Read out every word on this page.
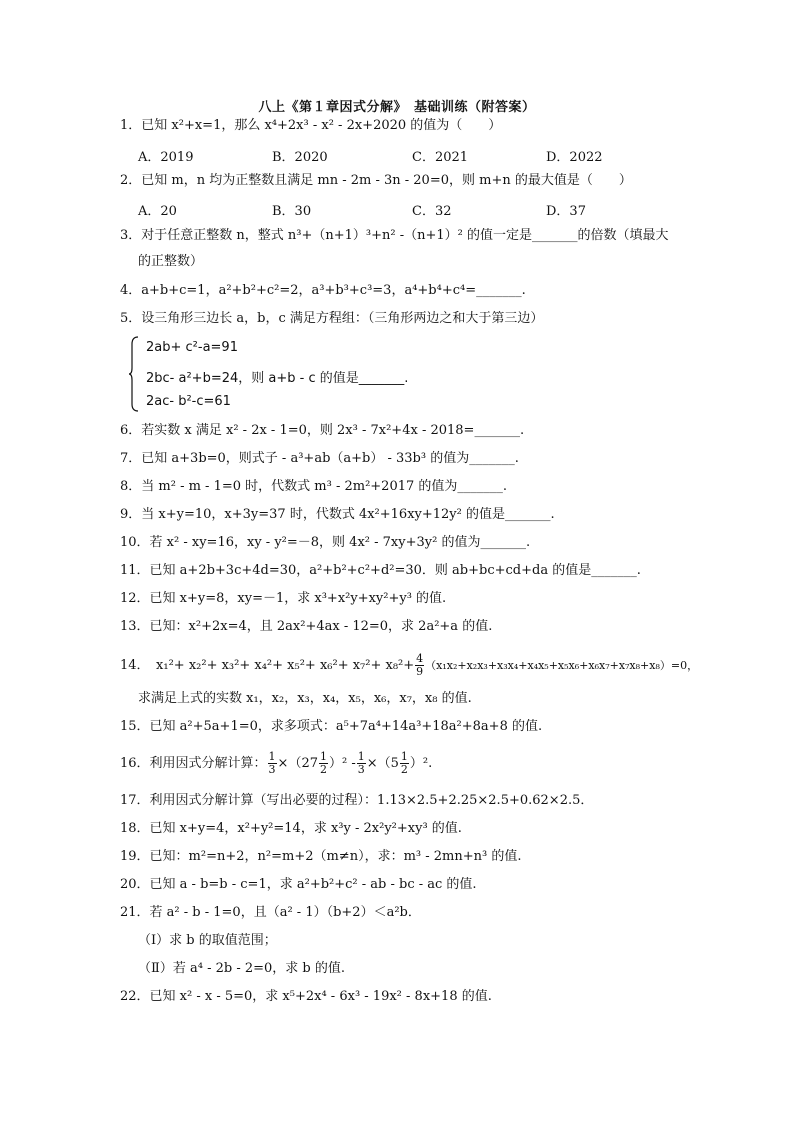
八上《第１章因式分解》　基础训练（附答案）
1．已知 x²+x=1，那么 x⁴+2x³ - x² - 2x+2020 的值为（　　）
A．2019	B．2020	C．2021	D．2022
2．已知 m，n 均为正整数且满足 mn - 2m - 3n - 20=0，则 m+n 的最大值是（　　）
A．20	B．30	C．32	D．37
3．对于任意正整数 n，整式 n³+（n+1）³+n² -（n+1）² 的值一定是_______的倍数（填最大
的正整数）
4．a+b+c=1，a²+b²+c²=2，a³+b³+c³=3，a⁴+b⁴+c⁴=_______.
5．设三角形三边长 a，b，c 满足方程组：（三角形两边之和大于第三边）
2ab+ c²-a=91
2bc- a²+b=24，则 a+b - c 的值是_______.
2ac- b²-c=61
6．若实数 x 满足 x² - 2x - 1=0，则 2x³ - 7x²+4x - 2018=_______.
7．已知 a+3b=0，则式子 - a³+ab（a+b） - 33b³ 的值为_______.
8．当 m² - m - 1=0 时，代数式 m³ - 2m²+2017 的值为_______.
9．当 x+y=10，x+3y=37 时，代数式 4x²+16xy+12y² 的值是_______.
10．若 x² - xy=16，xy - y²=－8，则 4x² - 7xy+3y² 的值为_______.
11．已知 a+2b+3c+4d=30，a²+b²+c²+d²=30．则 ab+bc+cd+da 的值是_______.
12．已知 x+y=8，xy=－1，求 x³+x²y+xy²+y³ 的值.
13．已知：x²+2x=4，且 2ax²+4ax - 12=0，求 2a²+a 的值.
14．　$x_1^2+ x_2^2+ x_3^2+ x_4^2+ x_5^2+ x_6^2+ x_7^2+ x_8^2+ \frac{4}{9} (x_1x_2+x_2x_3+x_3x_4+x_4x_5+x_5x_6+x_6x_7+x_7x_8+x_8)=0$，
求满足上式的实数 x₁，x₂，x₃，x₄，x₅，x₆，x₇，x₈ 的值.
15．已知 a²+5a+1=0，求多项式：a⁵+7a⁴+14a³+18a²+8a+8 的值.
16．利用因式分解计算： $\frac{1}{3} \times(27 \frac{1}{2} )^2 - \frac{1}{3} \times(5 \frac{1}{2} )^2$.
17．利用因式分解计算（写出必要的过程）：1.13×2.5+2.25×2.5+0.62×2.5．
18．已知 x+y=4，x²+y²=14，求 x³y - 2x²y²+xy³ 的值.
19．已知：m²=n+2，n²=m+2（m≠n），求：m³ - 2mn+n³ 的值.
20．已知 a - b=b - c=1，求 a²+b²+c² - ab - bc - ac 的值.
21．若 a² - b - 1=0，且（a² - 1）（b+2）＜a²b．
（Ⅰ）求 b 的取值范围；
（Ⅱ）若 a⁴ - 2b - 2=0，求 b 的值.
22．已知 x² - x - 5=0，求 x⁵+2x⁴ - 6x³ - 19x² - 8x+18 的值.
